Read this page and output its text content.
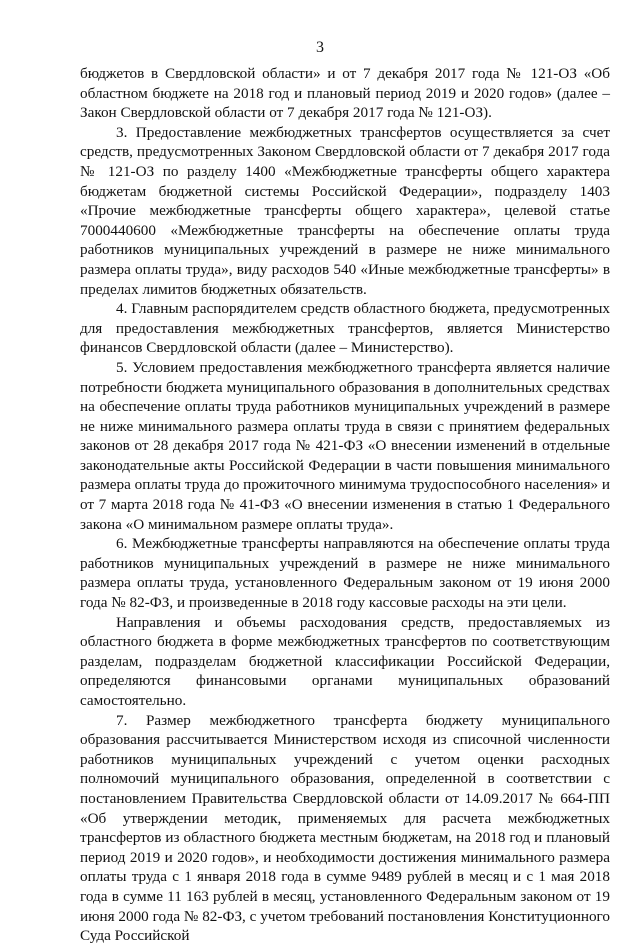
3

бюджетов в Свердловской области» и от 7 декабря 2017 года № 121-ОЗ «Об областном бюджете на 2018 год и плановый период 2019 и 2020 годов» (далее – Закон Свердловской области от 7 декабря 2017 года № 121-ОЗ).

3. Предоставление межбюджетных трансфертов осуществляется за счет средств, предусмотренных Законом Свердловской области от 7 декабря 2017 года № 121-ОЗ по разделу 1400 «Межбюджетные трансферты общего характера бюджетам бюджетной системы Российской Федерации», подразделу 1403 «Прочие межбюджетные трансферты общего характера», целевой статье 7000440600 «Межбюджетные трансферты на обеспечение оплаты труда работников муниципальных учреждений в размере не ниже минимального размера оплаты труда», виду расходов 540 «Иные межбюджетные трансферты» в пределах лимитов бюджетных обязательств.

4. Главным распорядителем средств областного бюджета, предусмотренных для предоставления межбюджетных трансфертов, является Министерство финансов Свердловской области (далее – Министерство).

5. Условием предоставления межбюджетного трансферта является наличие потребности бюджета муниципального образования в дополнительных средствах на обеспечение оплаты труда работников муниципальных учреждений в размере не ниже минимального размера оплаты труда в связи с принятием федеральных законов от 28 декабря 2017 года № 421-ФЗ «О внесении изменений в отдельные законодательные акты Российской Федерации в части повышения минимального размера оплаты труда до прожиточного минимума трудоспособного населения» и от 7 марта 2018 года № 41-ФЗ «О внесении изменения в статью 1 Федерального закона «О минимальном размере оплаты труда».

6. Межбюджетные трансферты направляются на обеспечение оплаты труда работников муниципальных учреждений в размере не ниже минимального размера оплаты труда, установленного Федеральным законом от 19 июня 2000 года № 82-ФЗ, и произведенные в 2018 году кассовые расходы на эти цели.

Направления и объемы расходования средств, предоставляемых из областного бюджета в форме межбюджетных трансфертов по соответствующим разделам, подразделам бюджетной классификации Российской Федерации, определяются финансовыми органами муниципальных образований самостоятельно.

7. Размер межбюджетного трансферта бюджету муниципального образования рассчитывается Министерством исходя из списочной численности работников муниципальных учреждений с учетом оценки расходных полномочий муниципального образования, определенной в соответствии с постановлением Правительства Свердловской области от 14.09.2017 № 664-ПП «Об утверждении методик, применяемых для расчета межбюджетных трансфертов из областного бюджета местным бюджетам, на 2018 год и плановый период 2019 и 2020 годов», и необходимости достижения минимального размера оплаты труда с 1 января 2018 года в сумме 9489 рублей в месяц и с 1 мая 2018 года в сумме 11 163 рублей в месяц, установленного Федеральным законом от 19 июня 2000 года № 82-ФЗ, с учетом требований постановления Конституционного Суда Российской
